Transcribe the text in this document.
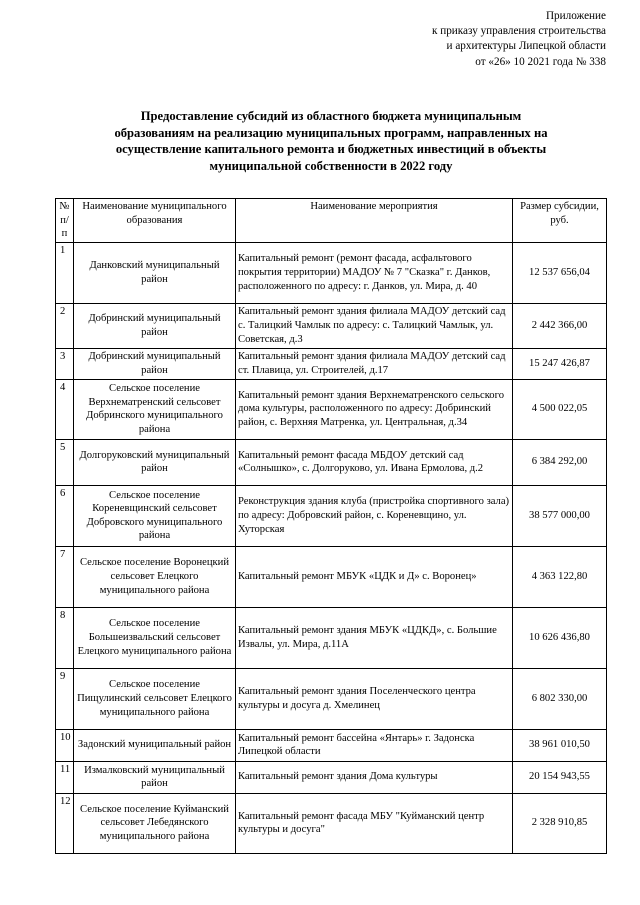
Приложение
к приказу управления строительства
и архитектуры Липецкой области
от «26» 10 2021 года № 338
Предоставление субсидий из областного бюджета муниципальным
образованиям на реализацию муниципальных программ, направленных на
осуществление капитального ремонта и бюджетных инвестиций в объекты
муниципальной собственности в 2022 году
№ п/п	Наименование муниципального образования	Наименование мероприятия	Размер субсидии, руб.
1	Данковский муниципальный район	Капитальный ремонт (ремонт фасада, асфальтового покрытия территории) МАДОУ № 7 "Сказка" г. Данков, расположенного по адресу: г. Данков, ул. Мира, д. 40	12 537 656,04
2	Добринский муниципальный район	Капитальный ремонт здания филиала МАДОУ детский сад с. Талицкий Чамлык по адресу: с. Талицкий Чамлык, ул. Советская, д.3	2 442 366,00
3	Добринский муниципальный район	Капитальный ремонт здания филиала МАДОУ детский сад ст. Плавица, ул. Строителей, д.17	15 247 426,87
4	Сельское поселение Верхнематренский сельсовет Добринского муниципального района	Капитальный ремонт здания Верхнематренского сельского дома культуры, расположенного по адресу: Добринский район, с. Верхняя Матренка, ул. Центральная, д.34	4 500 022,05
5	Долгоруковский муниципальный район	Капитальный ремонт фасада МБДОУ детский сад «Солнышко», с. Долгоруково, ул. Ивана Ермолова, д.2	6 384 292,00
6	Сельское поселение Кореневщинский сельсовет Добровского муниципального района	Реконструкция здания клуба (пристройка спортивного зала) по адресу: Добровский район, с. Кореневщино, ул. Хуторская	38 577 000,00
7	Сельское поселение Воронецкий сельсовет Елецкого муниципального района	Капитальный ремонт МБУК «ЦДК и Д» с. Воронец»	4 363 122,80
8	Сельское поселение Большеизвальский сельсовет Елецкого муниципального района	Капитальный ремонт здания МБУК «ЦДКД», с. Большие Извалы, ул. Мира, д.11А	10 626 436,80
9	Сельское поселение Пищулинский сельсовет Елецкого муниципального района	Капитальный ремонт здания Поселенческого центра культуры и досуга д. Хмелинец	6 802 330,00
10	Задонский муниципальный район	Капитальный ремонт бассейна «Янтарь» г. Задонска Липецкой области	38 961 010,50
11	Измалковский муниципальный район	Капитальный ремонт здания Дома культуры	20 154 943,55
12	Сельское поселение Куйманский сельсовет Лебедянского муниципального района	Капитальный ремонт фасада МБУ "Куйманский центр культуры и досуга"	2 328 910,85
